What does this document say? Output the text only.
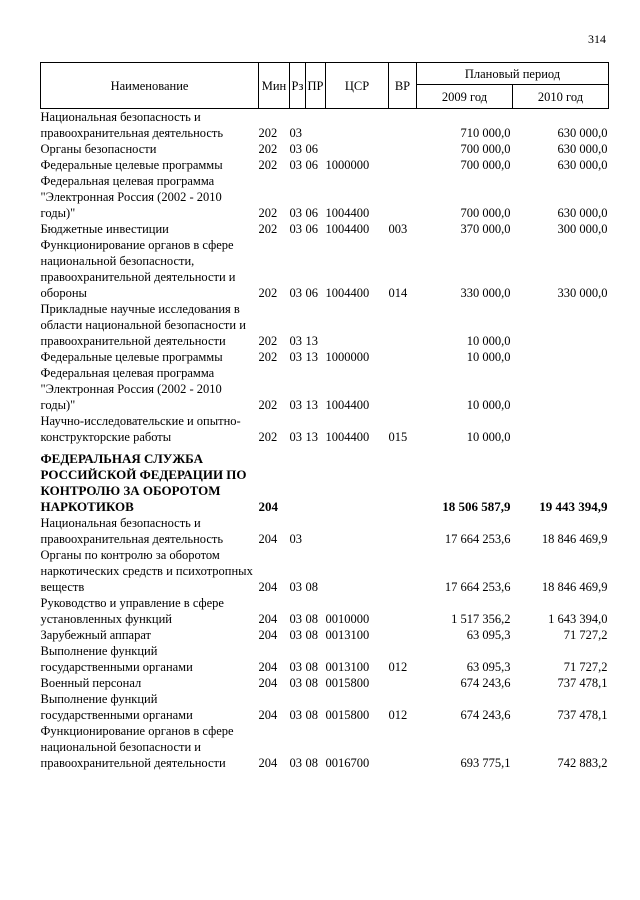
314
Наименование	Мин	Рз	ПР	ЦСР	ВР	Плановый период	
						2009 год	2010 год
Национальная безопасность и правоохранительная деятельность	202	03				710 000,0	630 000,0
Органы безопасности	202	03	06			700 000,0	630 000,0
Федеральные целевые программы	202	03	06	1000000		700 000,0	630 000,0
Федеральная целевая программа "Электронная Россия (2002 - 2010 годы)"	202	03	06	1004400		700 000,0	630 000,0
Бюджетные инвестиции	202	03	06	1004400	003	370 000,0	300 000,0
Функционирование органов в сфере национальной безопасности, правоохранительной деятельности и обороны	202	03	06	1004400	014	330 000,0	330 000,0
Прикладные научные исследования в области национальной безопасности и правоохранительной деятельности	202	03	13			10 000,0	
Федеральные целевые программы	202	03	13	1000000		10 000,0	
Федеральная целевая программа "Электронная Россия (2002 - 2010 годы)"	202	03	13	1004400		10 000,0	
Научно-исследовательские и опытно-конструкторские работы	202	03	13	1004400	015	10 000,0	

ФЕДЕРАЛЬНАЯ СЛУЖБА РОССИЙСКОЙ ФЕДЕРАЦИИ ПО КОНТРОЛЮ ЗА ОБОРОТОМ НАРКОТИКОВ	204					18 506 587,9	19 443 394,9
Национальная безопасность и правоохранительная деятельность	204	03				17 664 253,6	18 846 469,9
Органы по контролю за оборотом наркотических средств и психотропных веществ	204	03	08			17 664 253,6	18 846 469,9
Руководство и управление в сфере установленных функций	204	03	08	0010000		1 517 356,2	1 643 394,0
Зарубежный аппарат	204	03	08	0013100		63 095,3	71 727,2
Выполнение функций государственными органами	204	03	08	0013100	012	63 095,3	71 727,2
Военный персонал	204	03	08	0015800		674 243,6	737 478,1
Выполнение функций государственными органами	204	03	08	0015800	012	674 243,6	737 478,1
Функционирование органов в сфере национальной безопасности и правоохранительной деятельности	204	03	08	0016700		693 775,1	742 883,2
